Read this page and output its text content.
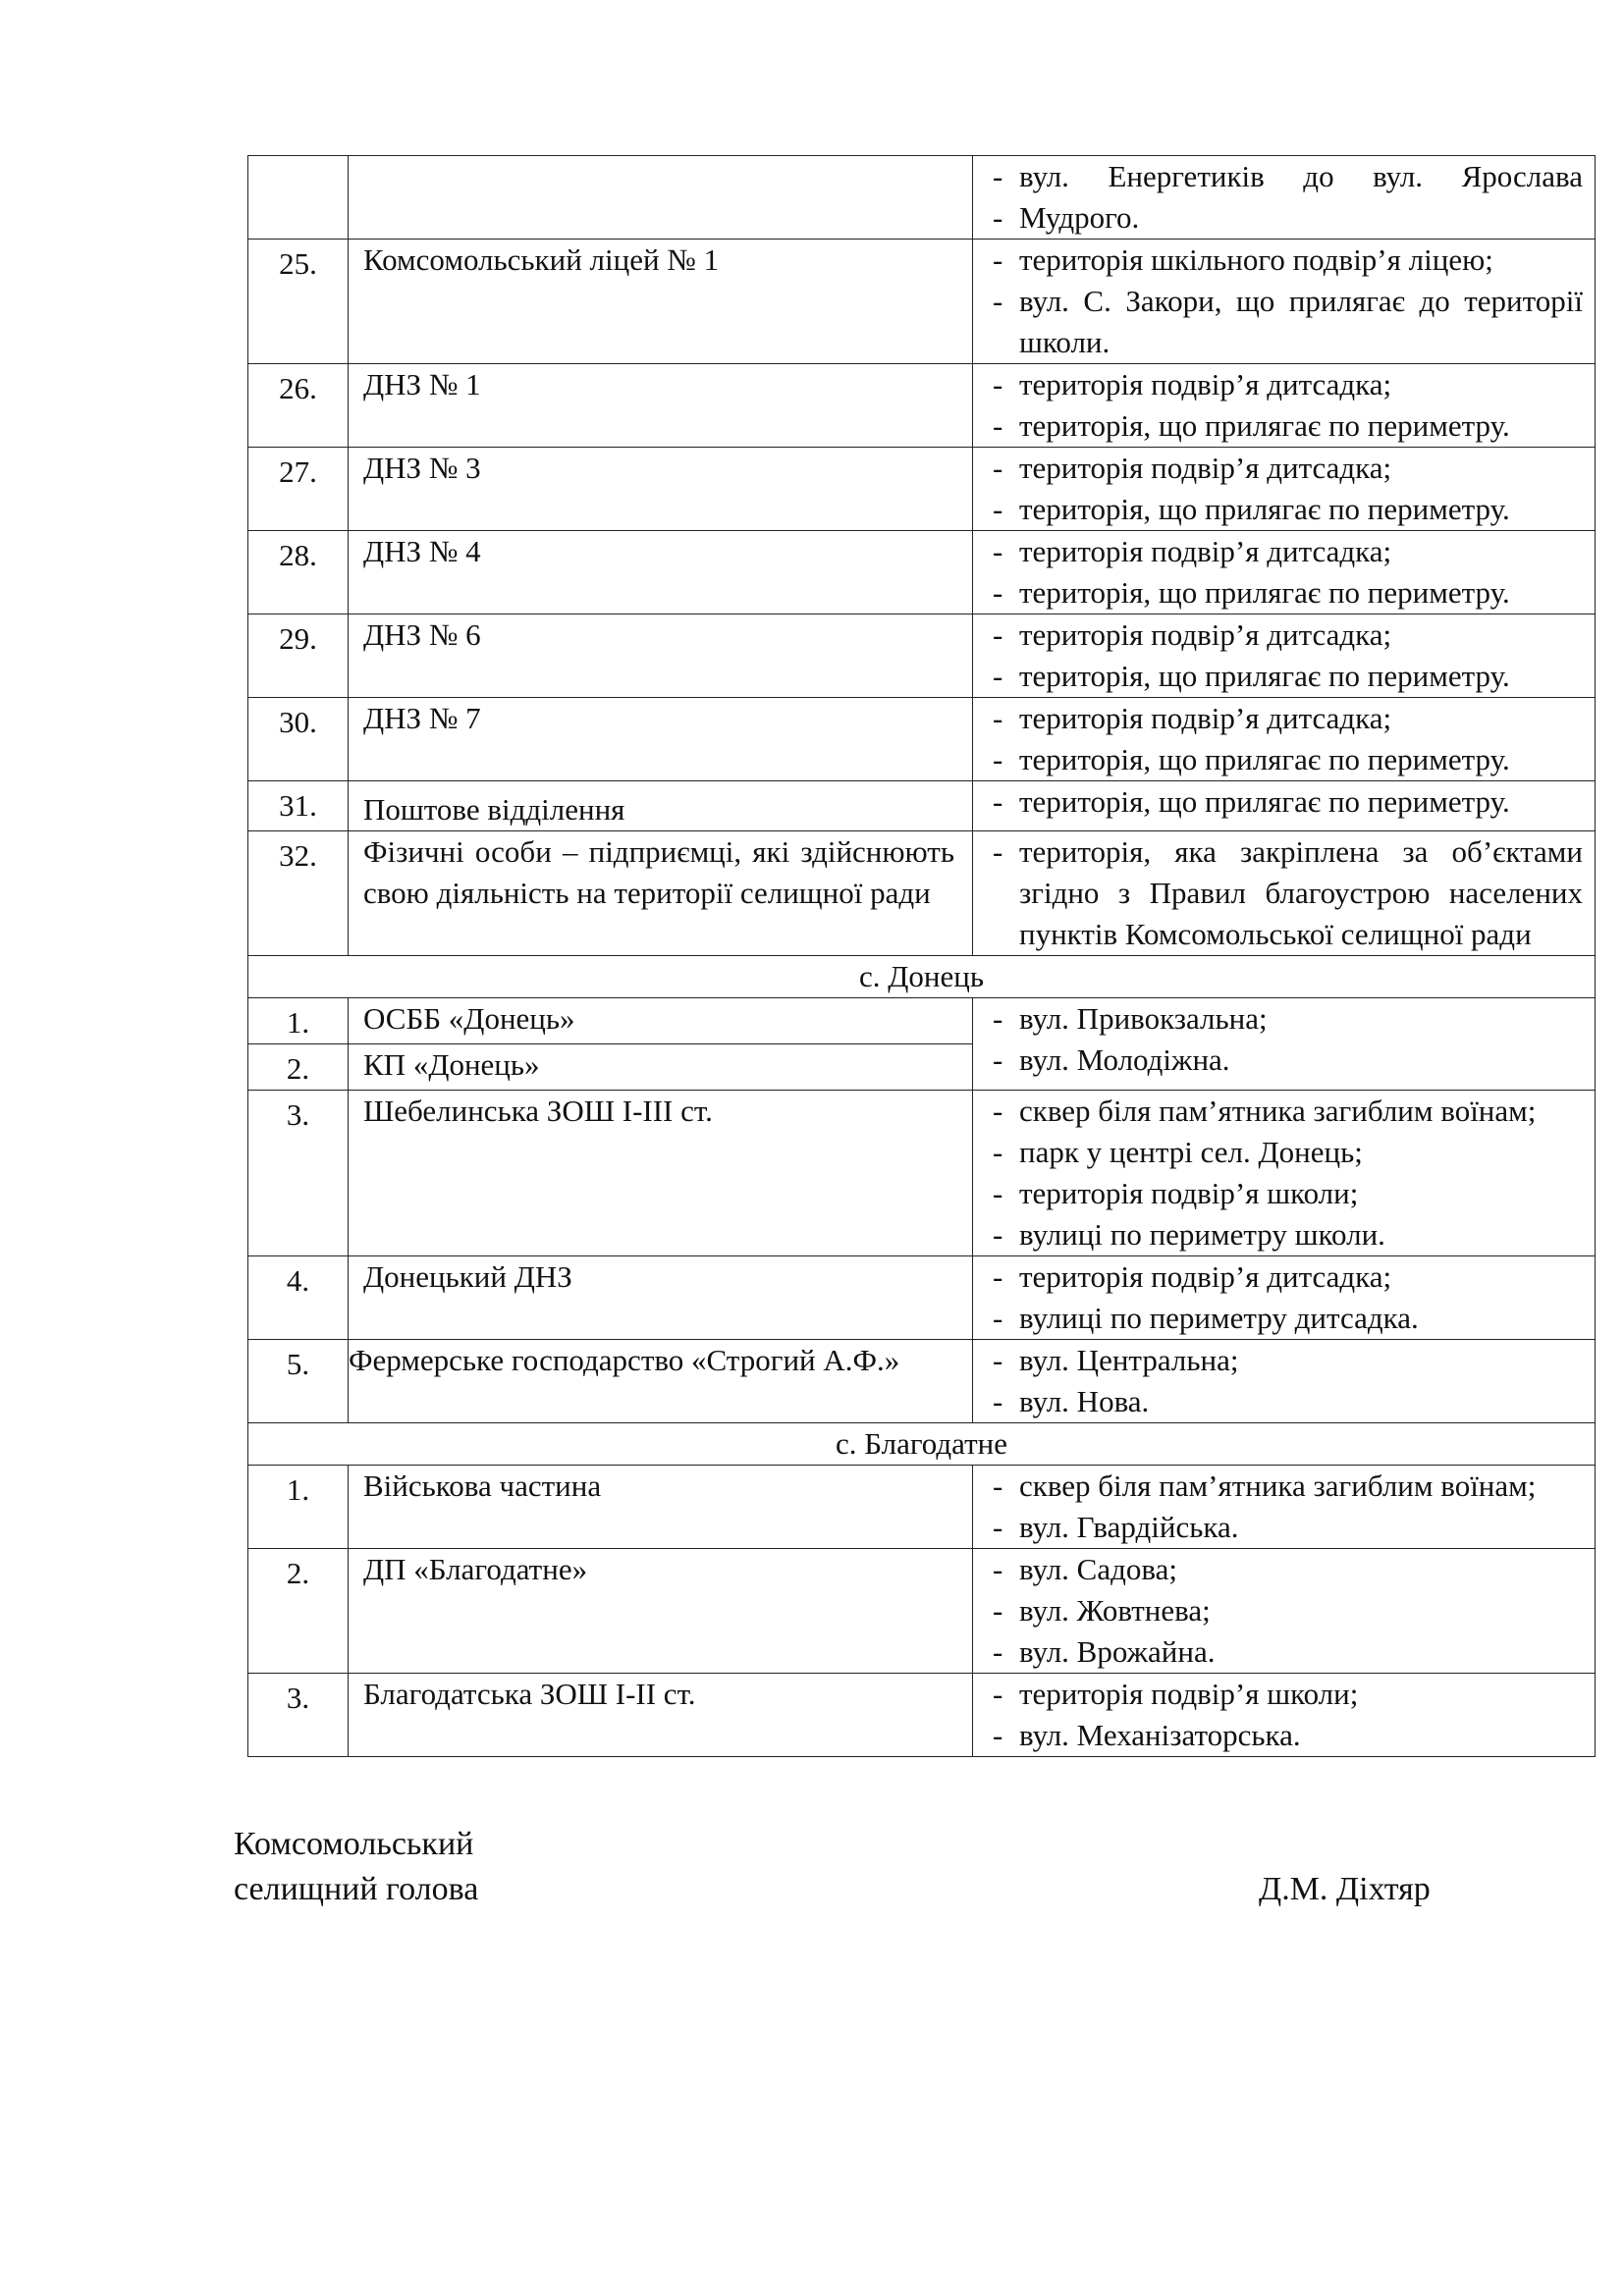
		- вул. Енергетиків до вул. Ярослава
- Мудрого.

25.	Комсомольський ліцей № 1	- територія шкільного подвір’я ліцею;
- вул. С. Закори, що прилягає до території школи.

26.	ДНЗ № 1	- територія подвір’я дитсадка;
- територія, що прилягає по периметру.

27.	ДНЗ № 3	- територія подвір’я дитсадка;
- територія, що прилягає по периметру.

28.	ДНЗ № 4	- територія подвір’я дитсадка;
- територія, що прилягає по периметру.

29.	ДНЗ № 6	- територія подвір’я дитсадка;
- територія, що прилягає по периметру.

30.	ДНЗ № 7	- територія подвір’я дитсадка;
- територія, що прилягає по периметру.

31.	Поштове відділення	- територія, що прилягає по периметру.

32.	Фізичні особи – підприємці, які здійснюють свою діяльність на території селищної ради	- територія, яка закріплена за об’єктами згідно з Правил благоустрою населених пунктів Комсомольської селищної ради

с. Донець		

1.	ОСББ «Донець»	- вул. Привокзальна;
- вул. Молодіжна.

2.	КП «Донець»	

3.	Шебелинська ЗОШ І-ІІІ ст.	- сквер біля пам’ятника загиблим воїнам;
- парк у центрі сел. Донець;
- територія подвір’я школи;
- вулиці по периметру школи.

4.	Донецький ДНЗ	- територія подвір’я дитсадка;
- вулиці по периметру дитсадка.

5.	Фермерське господарство «Строгий А.Ф.»	- вул. Центральна;
- вул. Нова.

с. Благодатне		

1.	Військова частина	- сквер біля пам’ятника загиблим воїнам;
- вул. Гвардійська.

2.	ДП «Благодатне»	- вул. Садова;
- вул. Жовтнева;
- вул. Врожайна.

3.	Благодатська ЗОШ І-ІІ ст.	- територія подвір’я школи;
- вул. Механізаторська.
Комсомольський
селищний голова	Д.М. Діхтяр
